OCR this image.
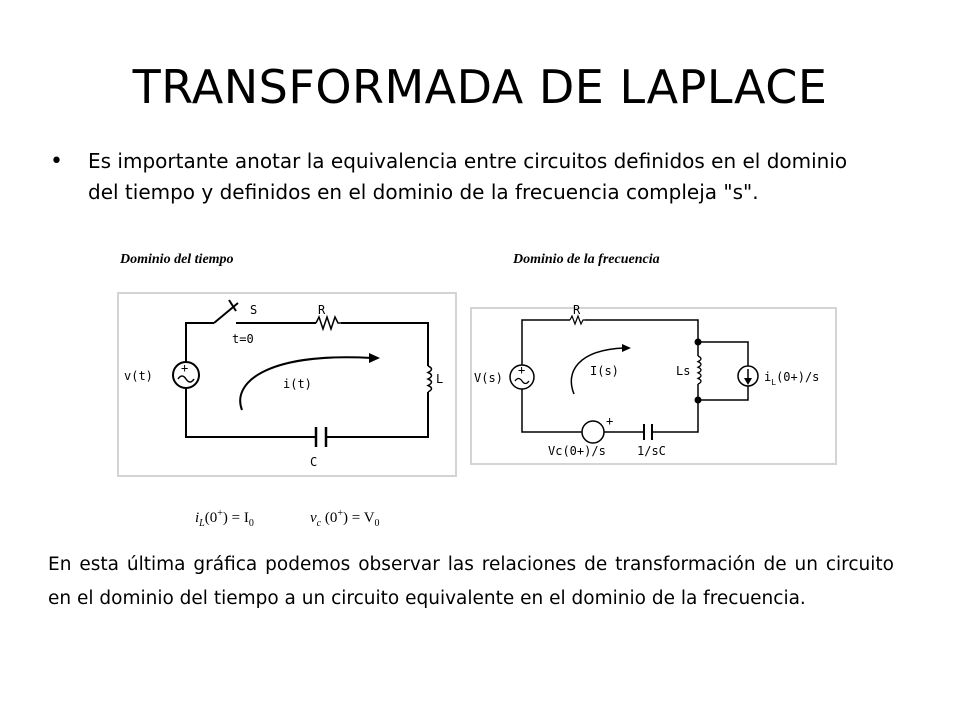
TRANSFORMADA DE LAPLACE
•	Es importante anotar la equivalencia entre circuitos definidos en el dominio del tiempo y definidos en el dominio de la frecuencia compleja "s".
Dominio del tiempo	Dominio de la frecuencia
+
v(t)
S
t=0
R
L
i(t)
C
+
+
V(s)
R
I(s)	Ls	$i_L(0+)/s$
Vc(0+)/s	1/sC
$i_L(0^+) = I_0$	$v_c$ $(0^+) = V_0$
En esta última gráfica podemos observar las relaciones de transformación de un circuito en el dominio del tiempo a un circuito equivalente en el dominio de la frecuencia.
